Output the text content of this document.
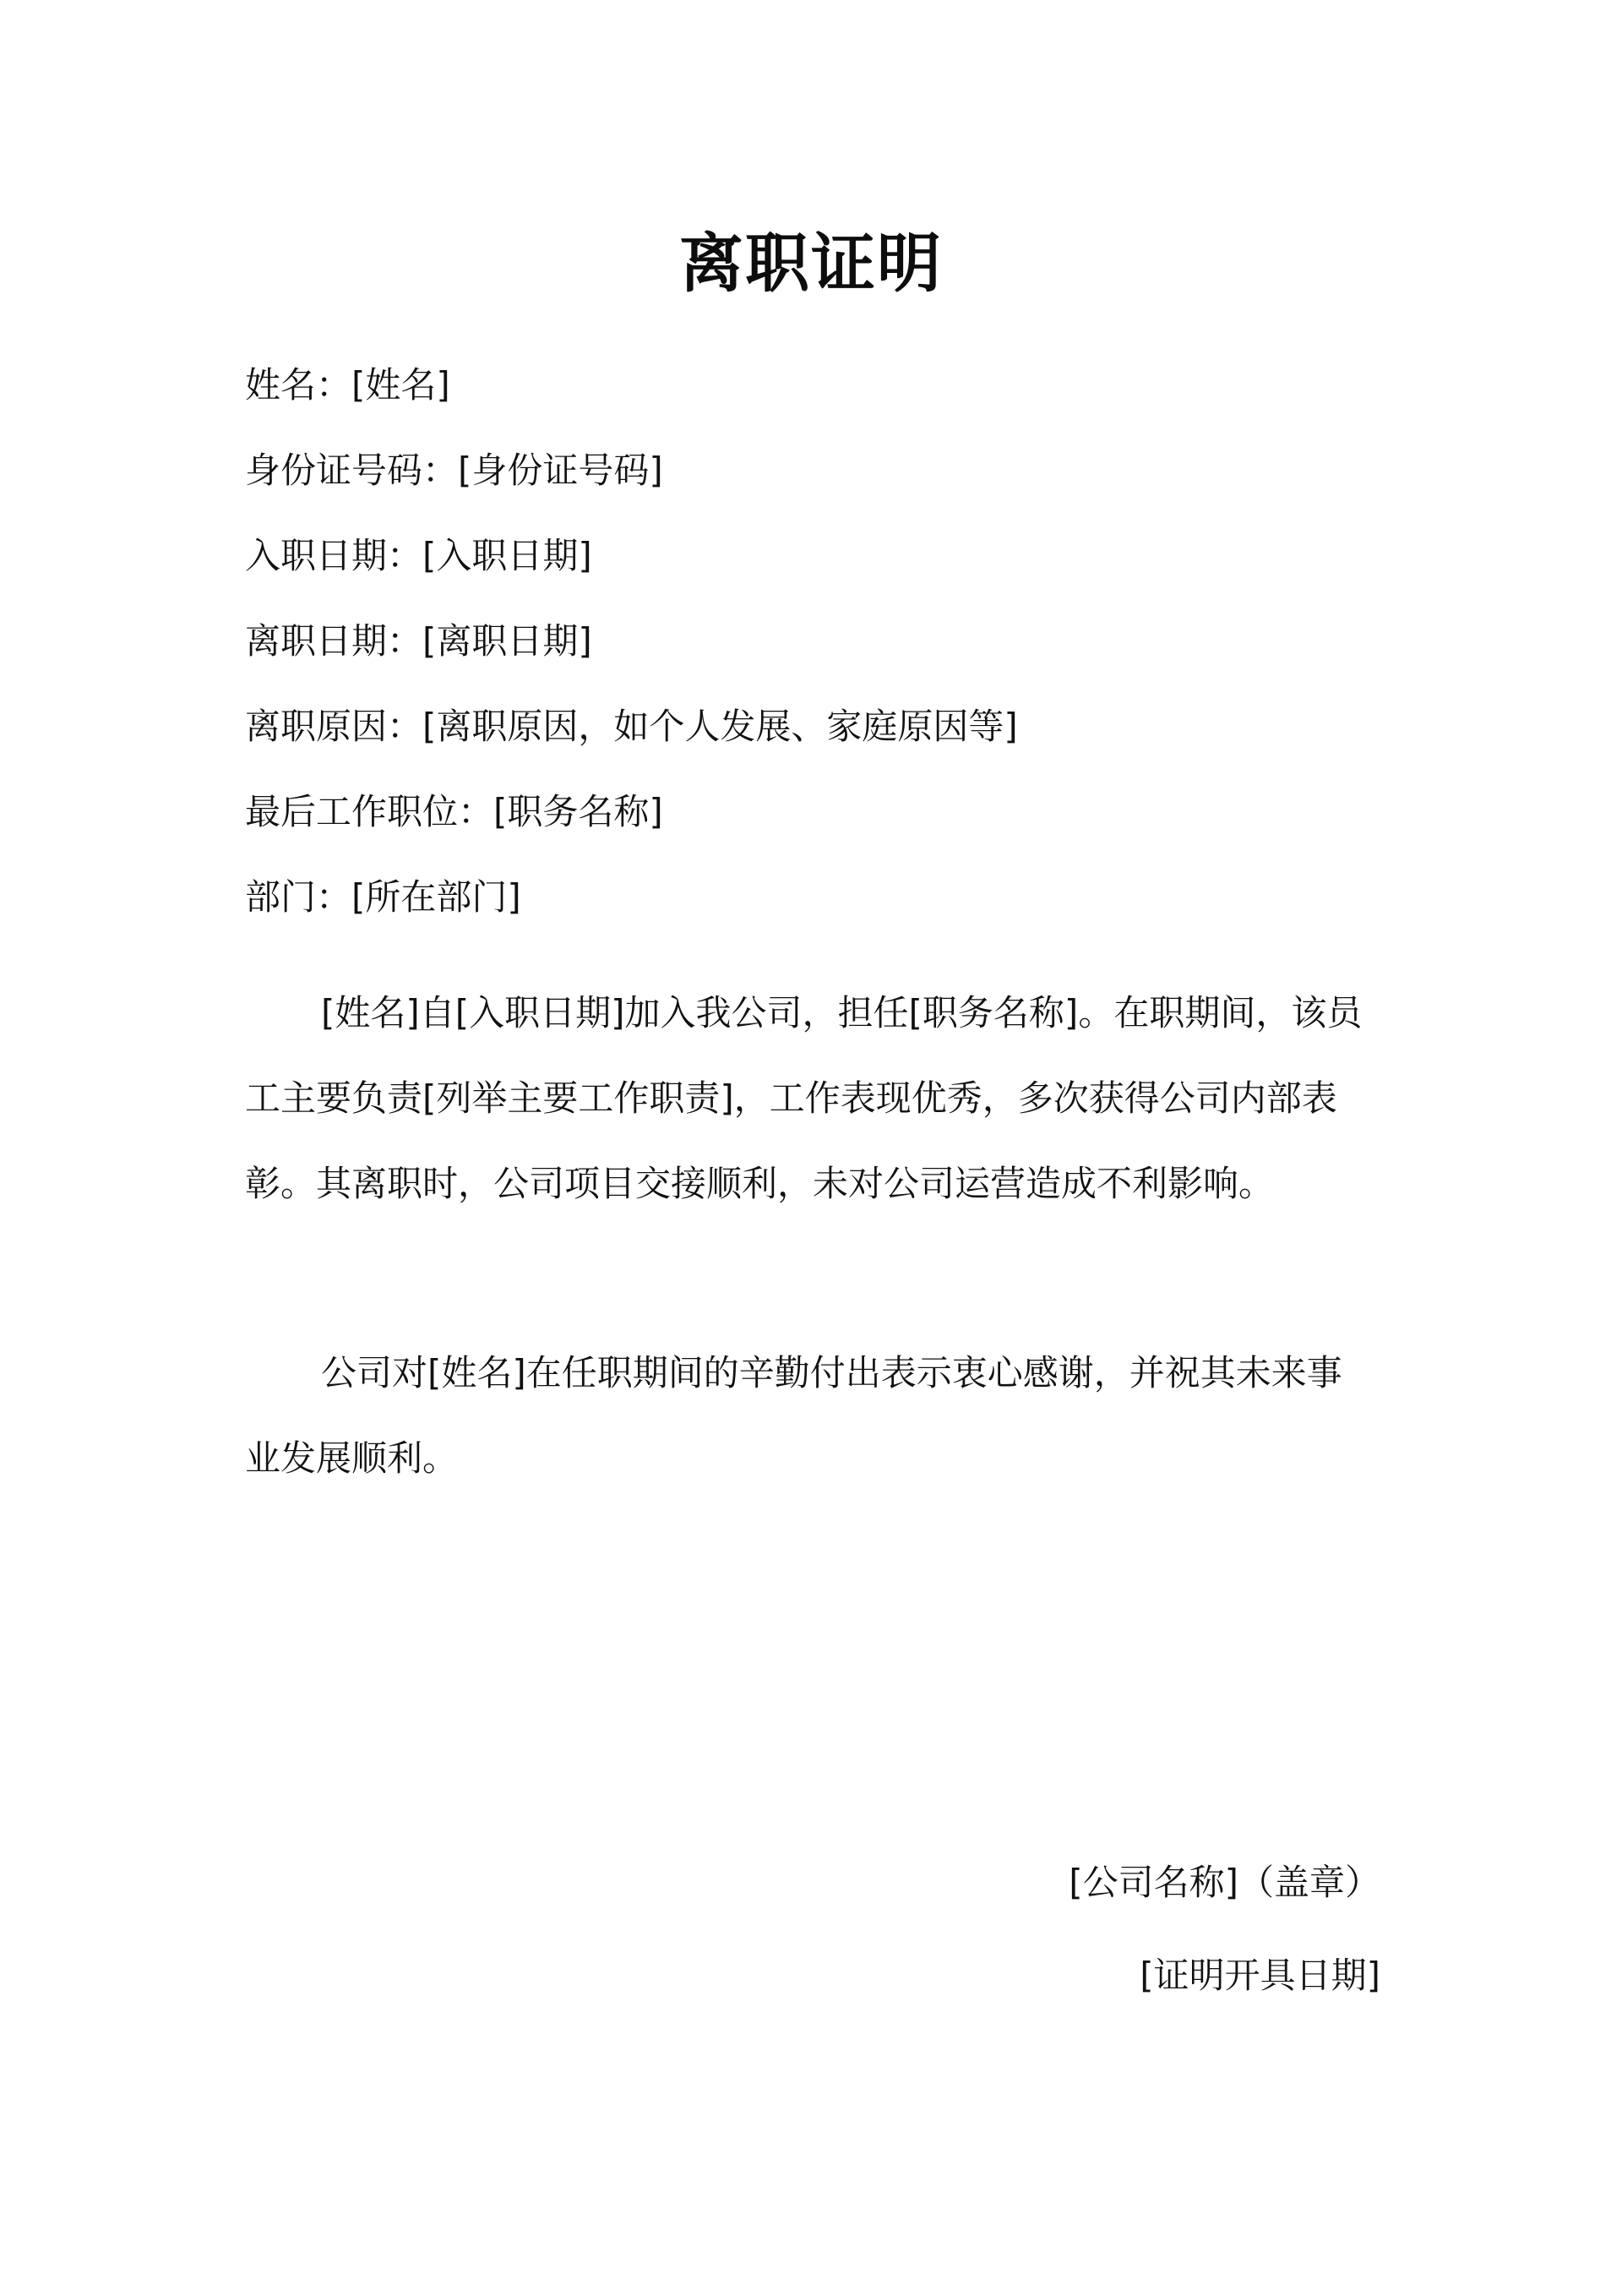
离职证明
姓名：[姓名]
身份证号码：[身份证号码]
入职日期：[入职日期]
离职日期：[离职日期]
离职原因：[离职原因，如个人发展、家庭原因等]
最后工作职位：[职务名称]
部门：[所在部门]

[姓名]自[入职日期]加入我公司，担任[职务名称]。在职期间，该员工主要负责[列举主要工作职责]，工作表现优秀，多次获得公司内部表彰。其离职时，公司项目交接顺利，未对公司运营造成不利影响。

公司对[姓名]在任职期间的辛勤付出表示衷心感谢，并祝其未来事业发展顺利。

[公司名称]（盖章）
[证明开具日期]
